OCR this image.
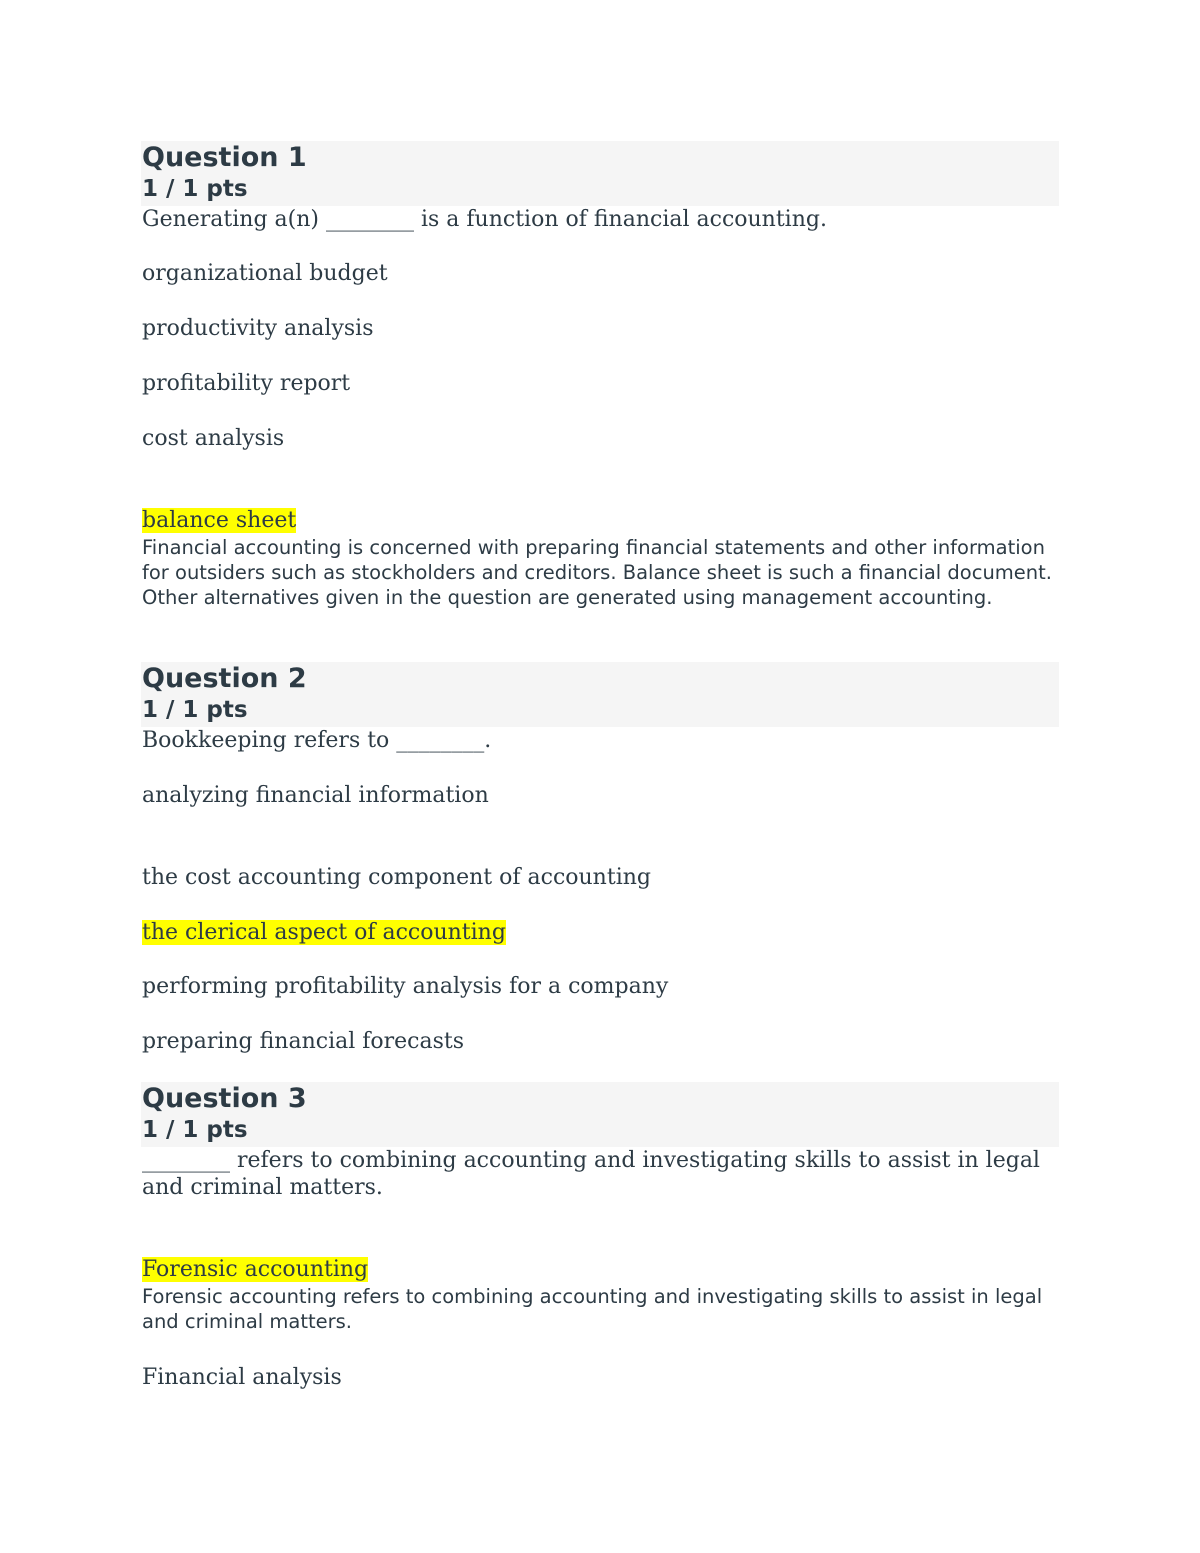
Question 1
1 / 1 pts

Generating a(n) ________ is a function of financial accounting.

organizational budget
productivity analysis
profitability report
cost analysis
balance sheet

Financial accounting is concerned with preparing financial statements and other information for outsiders such as stockholders and creditors. Balance sheet is such a financial document. Other alternatives given in the question are generated using management accounting.

Question 2
1 / 1 pts

Bookkeeping refers to ________.

analyzing financial information
the cost accounting component of accounting
the clerical aspect of accounting
performing profitability analysis for a company
preparing financial forecasts
Question 3
1 / 1 pts

________ refers to combining accounting and investigating skills to assist in legal and criminal matters.

Forensic accounting

Forensic accounting refers to combining accounting and investigating skills to assist in legal and criminal matters.

Financial analysis
